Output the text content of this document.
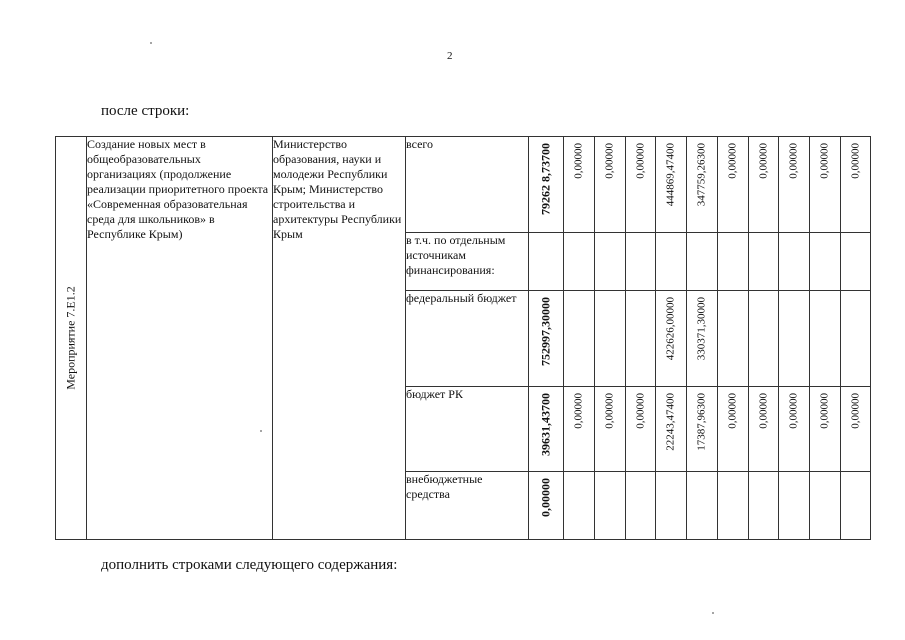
2
после строки:
Мероприятие 7.Е1.2	Создание новых мест в общеобразовательных организациях (продолжение реализации приоритетного проекта «Современная образовательная среда для школьников» в Республике Крым)	Министерство образования, науки и молодежи Республики Крым; Министерство строительства и архитектуры Республики Крым	всего	79262 8,73700	0,00000	0,00000	0,00000	444869,47400	347759,26300	0,00000	0,00000	0,00000	0,00000	0,00000

			в т.ч. по отдельным источникам финансирования:	

			федеральный бюджет	752997,30000				422626,00000	330371,30000					

			бюджет РК	39631,43700	0,00000	0,00000	0,00000	22243,47400	17387,96300	0,00000	0,00000	0,00000	0,00000	0,00000

			внебюджетные средства	0,00000										

дополнить строками следующего содержания:
